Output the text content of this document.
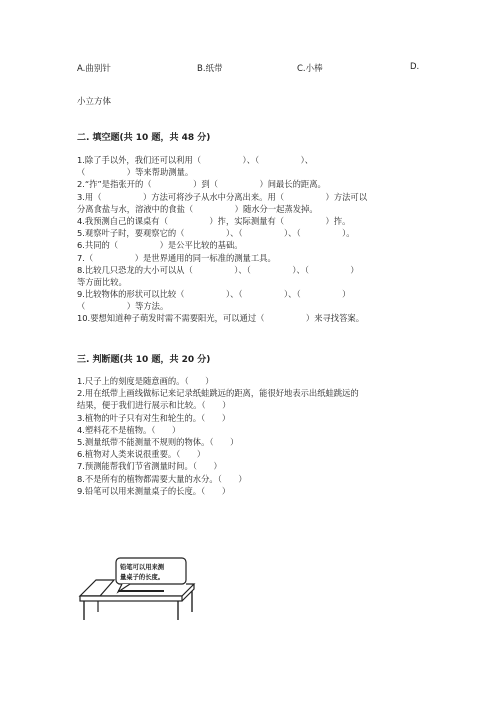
A.曲别针	B.纸带	C.小棒	D.
小立方体
二. 填空题(共 10 题，共 48 分)
1.除了手以外，我们还可以利用（　　　　　）、（　　　　　）、
（　　　　　）等来帮助测量。
2.“拃”是指张开的（　　　　　）到（　　　　　）间最长的距离。
3.用（　　　　　）方法可将沙子从水中分离出来。用（　　　　　）方法可以
分离食盐与水，溶液中的食盐（　　　　　）随水分一起蒸发掉。
4.我预测自己的课桌有（　　　　　）拃，实际测量有（　　　　　）拃。
5.观察叶子时，要观察它的（　　　　　）、（　　　　　）、（　　　　　）。
6.共同的（　　　　　）是公平比较的基础。
7.（　　　　　）是世界通用的同一标准的测量工具。
8.比较几只恐龙的大小可以从（　　　　　）、（　　　　　）、（　　　　　）
等方面比较。
9.比较物体的形状可以比较（　　　　　）、（　　　　　）、（　　　　　）
（　　　　　）等方法。
10.要想知道种子萌发时需不需要阳光，可以通过（　　　　　）来寻找答案。
三. 判断题(共 10 题，共 20 分)
1.尺子上的刻度是随意画的。（　　）
2.用在纸带上画线做标记来记录纸蛙跳远的距离，能很好地表示出纸蛙跳远的
结果，便于我们进行展示和比较。（　　）
3.植物的叶子只有对生和轮生的。（　　）
4.塑料花不是植物。（　　）
5.测量纸带不能测量不规则的物体。（　　）
6.植物对人类来说很重要。（　　）
7.预测能帮我们节省测量时间。（　　）
8.不是所有的植物都需要大量的水分。（　　）
9.铅笔可以用来测量桌子的长度。（　　）
铅笔可以用来测
量桌子的长度。
